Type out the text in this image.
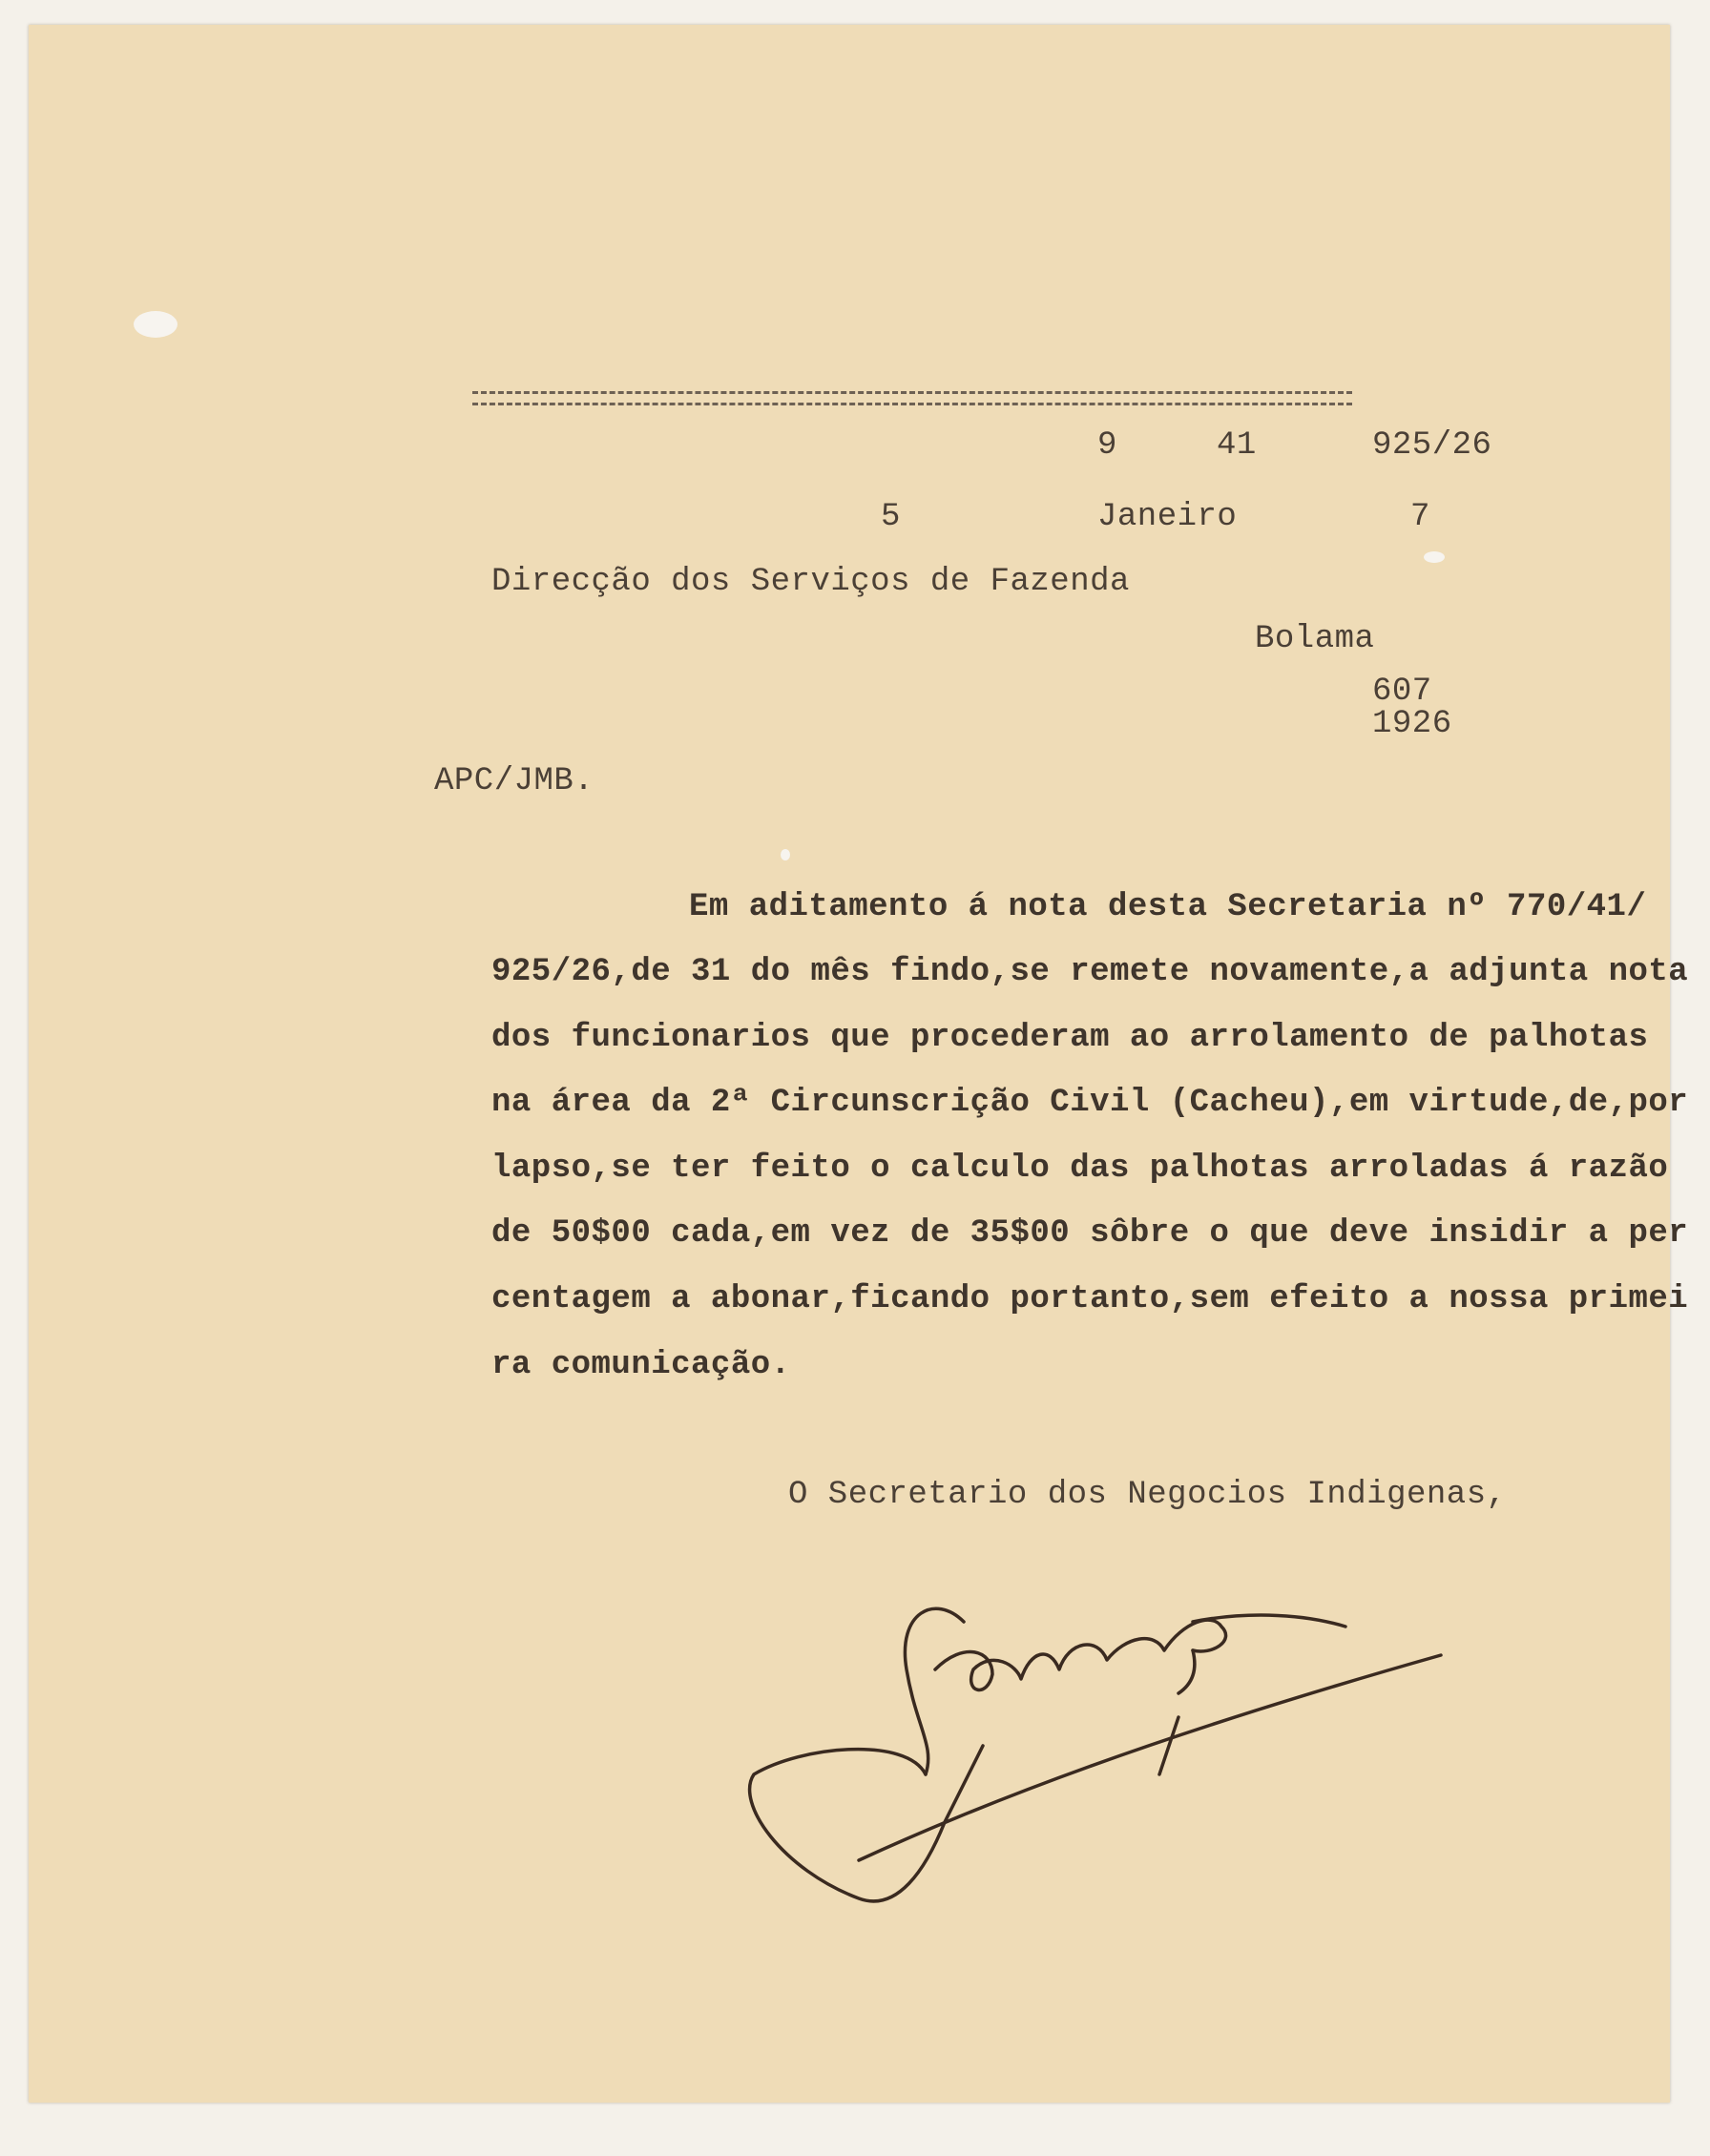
9	41	925/26
5	Janeiro	7
Direcção dos Serviços de Fazenda
Bolama
607
1926
APC/JMB.
Em aditamento á nota desta Secretaria nº 770/41/
925/26,de 31 do mês findo,se remete novamente,a adjunta nota
dos funcionarios que procederam ao arrolamento de palhotas
na área da 2ª Circunscrição Civil (Cacheu),em virtude,de,por
lapso,se ter feito o calculo das palhotas arroladas á razão
de 50$00 cada,em vez de 35$00 sôbre o que deve insidir a per
centagem a abonar,ficando portanto,sem efeito a nossa primei
ra comunicação.
O Secretario dos Negocios Indigenas,
